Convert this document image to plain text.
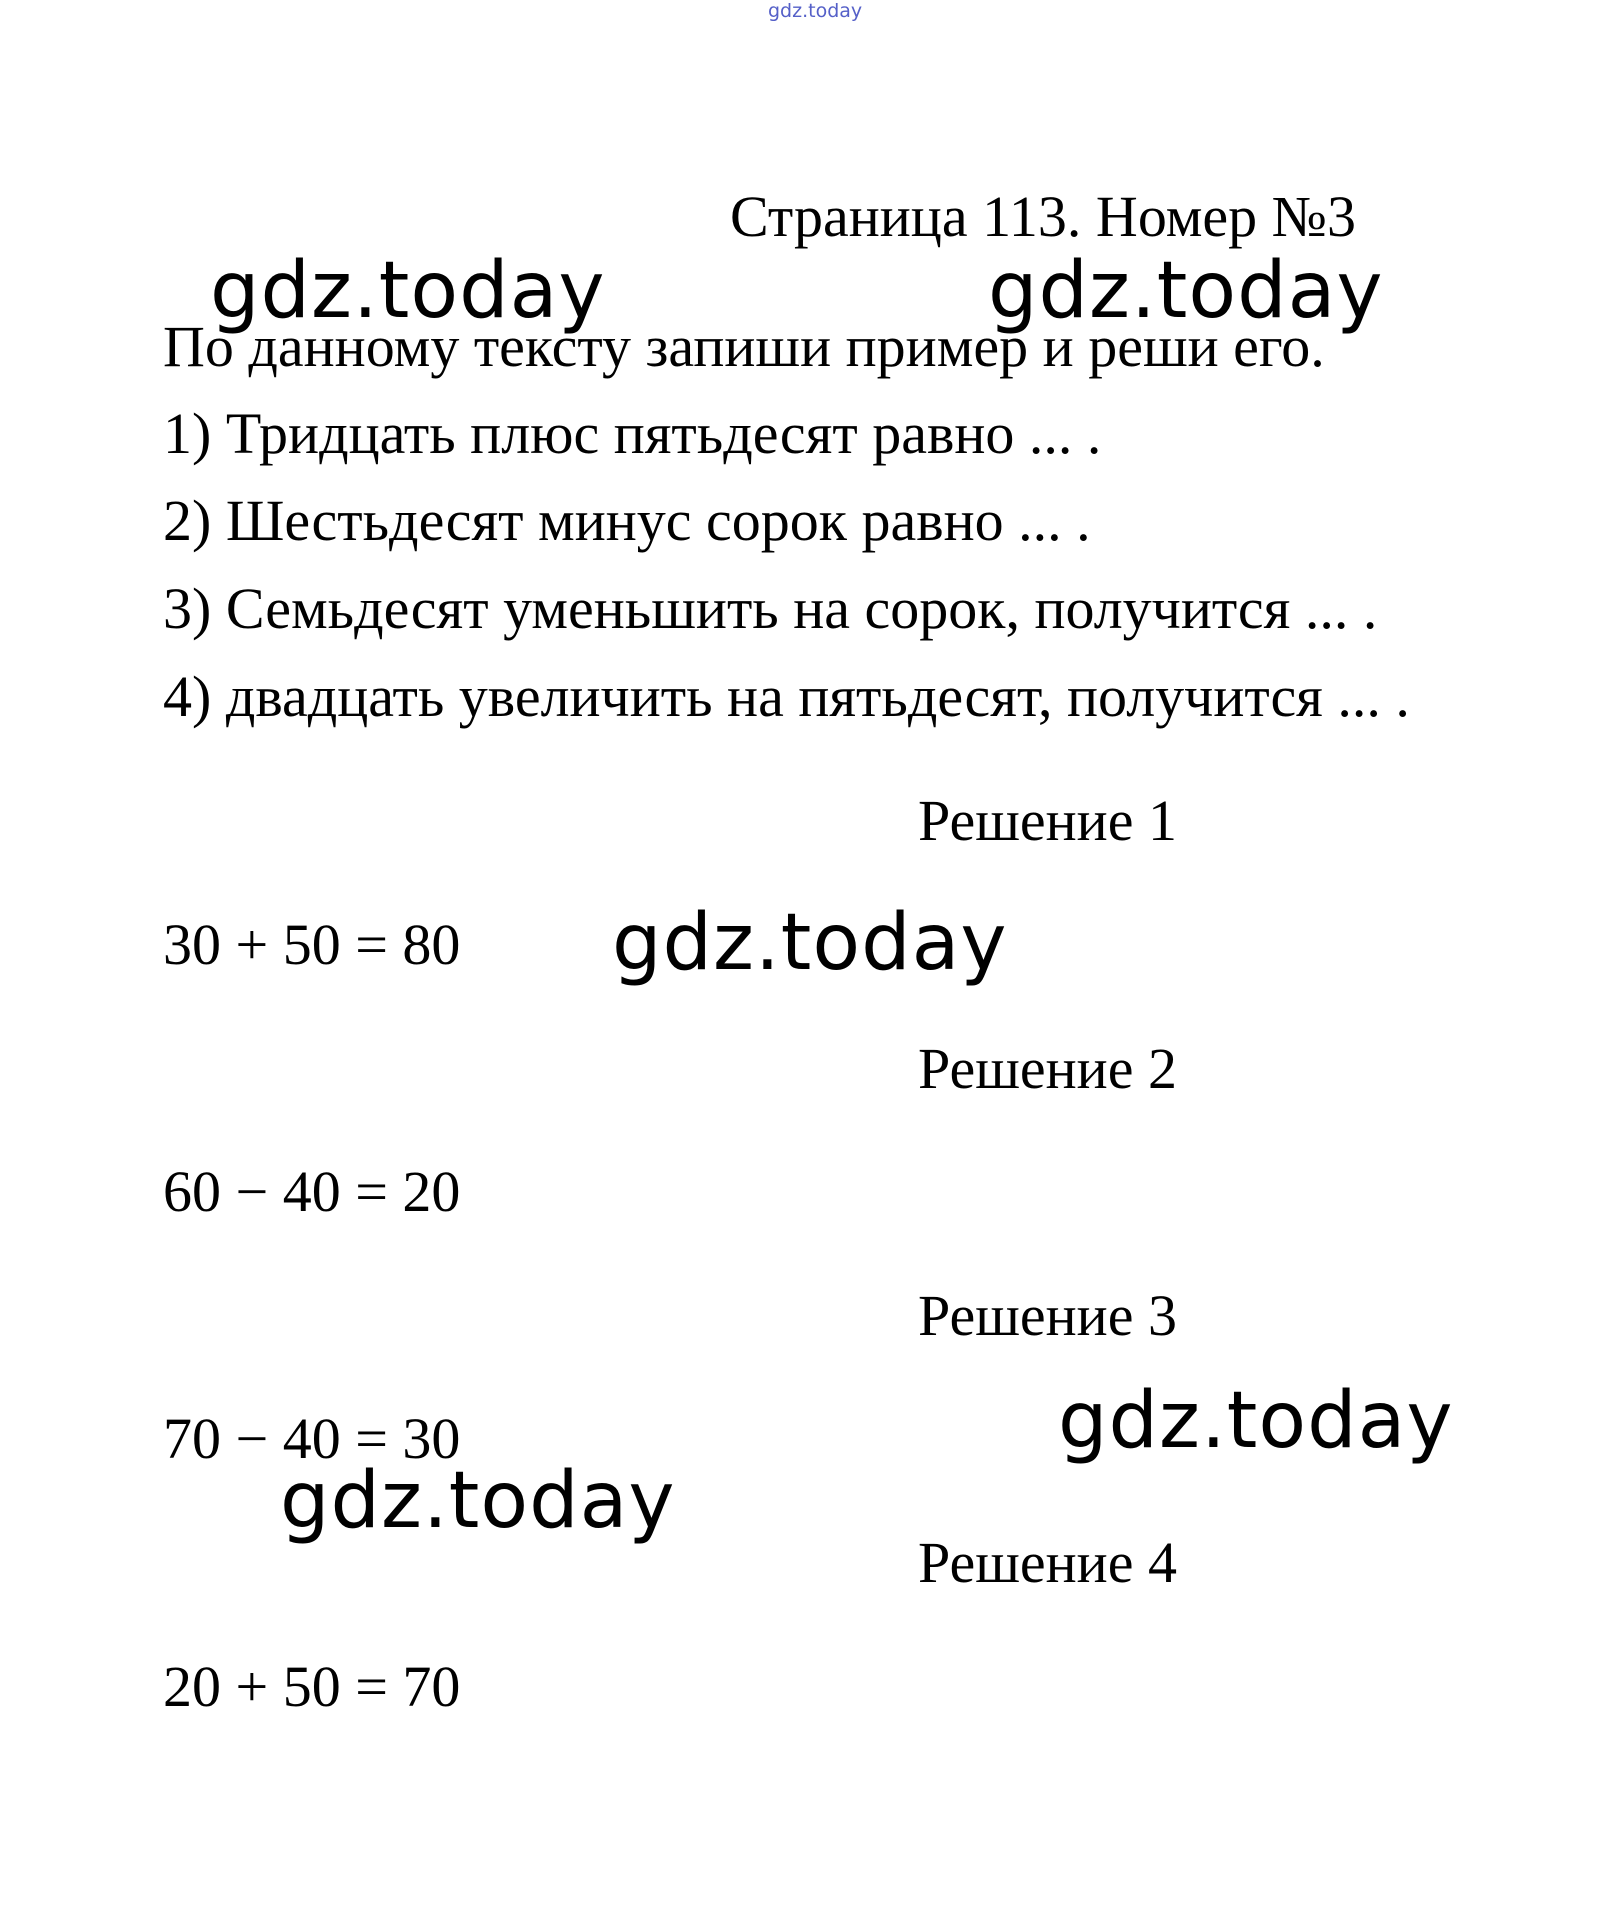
gdz.today
Страница 113. Номер №3
gdz.today	gdz.today
По данному тексту запиши пример и реши его.
1) Тридцать плюс пятьдесят равно ... .
2) Шестьдесят минус сорок равно ... .
3) Семьдесят уменьшить на сорок, получится ... .
4) двадцать увеличить на пятьдесят, получится ... .
Решение 1
30 + 50 = 80 gdz.today
Решение 2
60 − 40 = 20
Решение 3
gdz.today
70 − 40 = 30
gdz.today
Решение 4
20 + 50 = 70
